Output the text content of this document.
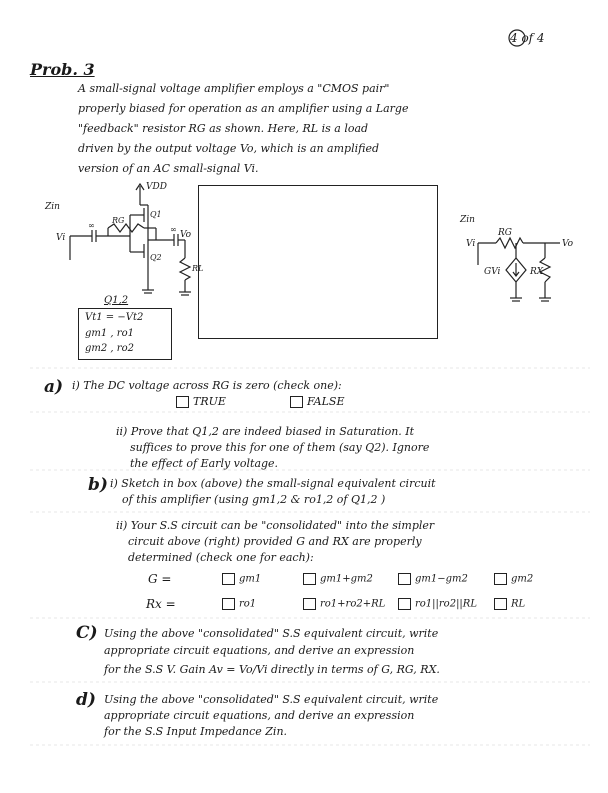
4 of 4
Prob. 3
A small-signal voltage amplifier employs a "CMOS pair"
properly biased for operation as an amplifier using a Large
"feedback" resistor RG as shown. Here, RL is a load
driven by the output voltage Vo, which is an amplified
version of an AC small-signal Vi.
VDD
Zin
Vi	Vo
RG
Q1
Q2
RL
∞	∞
Q1,2
Vt1 = −Vt2
gm1 , ro1
gm2 , ro2
Zin
Vi
RG
Vo
GVi	RX
a) i) The DC voltage across RG is zero (check one):
TRUE	FALSE
ii) Prove that Q1,2 are indeed biased in Saturation. It
suffices to prove this for one of them (say Q2). Ignore
the effect of Early voltage.
b) i) Sketch in box (above) the small-signal equivalent circuit
of this amplifier (using gm1,2 & ro1,2 of Q1,2 )
ii) Your S.S circuit can be "consolidated" into the simpler
circuit above (right) provided G and RX are properly
determined (check one for each):
G =	gm1	gm1+gm2	gm1−gm2	gm2
Rx =	ro1	ro1+ro2+RL	ro1||ro2||RL	RL
C) Using the above "consolidated" S.S equivalent circuit, write
appropriate circuit equations, and derive an expression
for the S.S V. Gain Av = Vo/Vi directly in terms of G, RG, RX.
d) Using the above "consolidated" S.S equivalent circuit, write
appropriate circuit equations, and derive an expression
for the S.S Input Impedance Zin.
